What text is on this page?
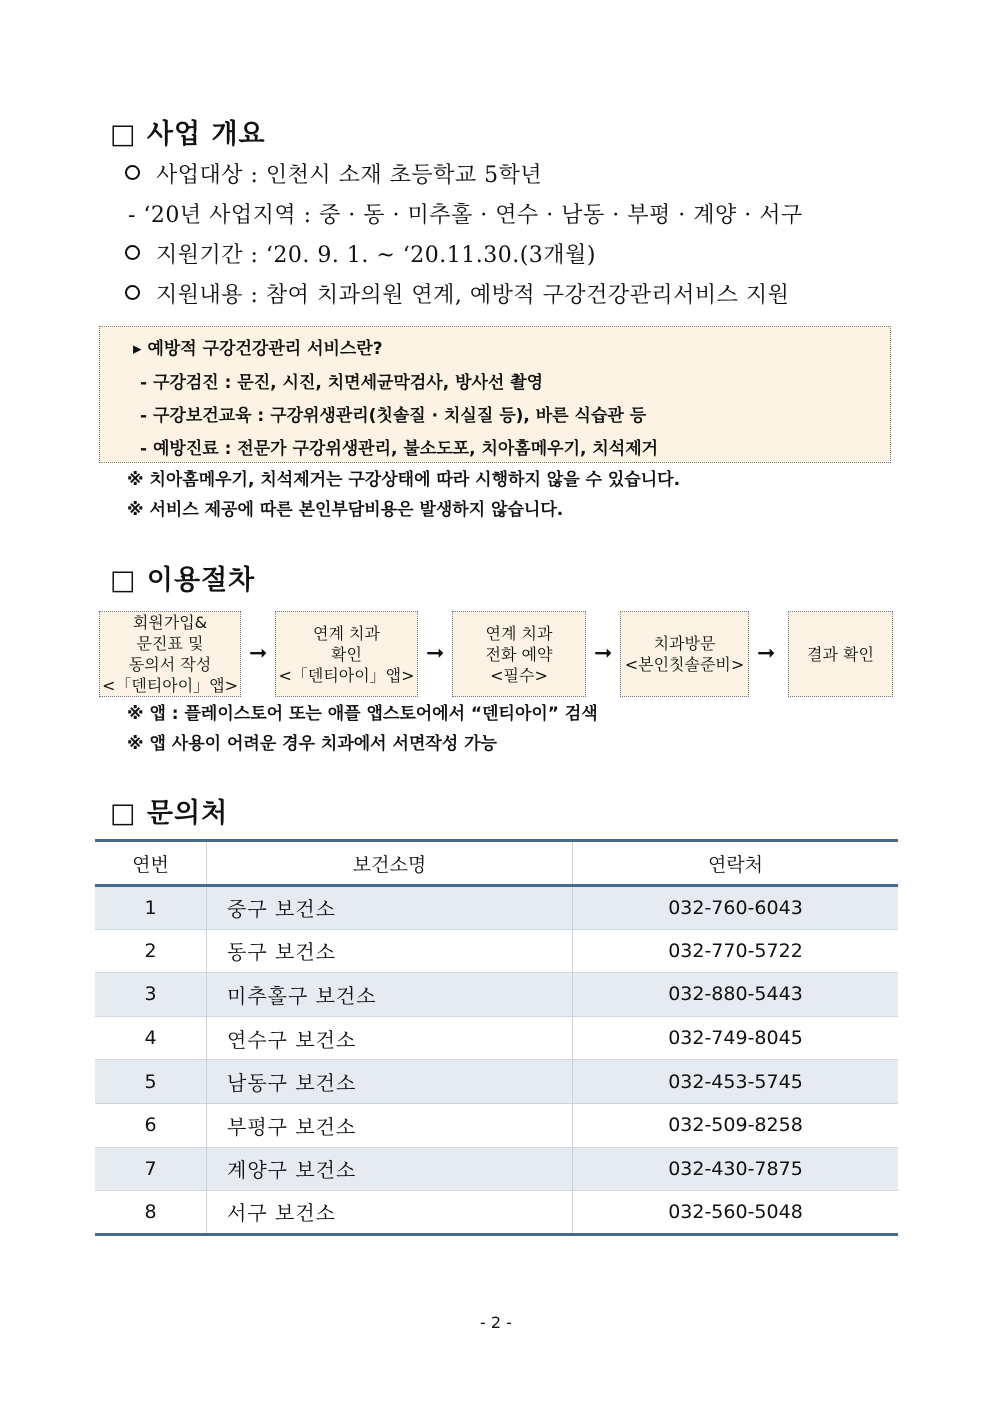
□ 사업 개요
사업대상 : 인천시 소재 초등학교 5학년
- ‘20년 사업지역 : 중 · 동 · 미추홀 · 연수 · 남동 · 부평 · 계양 · 서구
지원기간 : ‘20. 9. 1. ~ ‘20.11.30.(3개월)
지원내용 : 참여 치과의원 연계, 예방적 구강건강관리서비스 지원
▸ 예방적 구강건강관리 서비스란?
- 구강검진 : 문진, 시진, 치면세균막검사, 방사선 촬영
- 구강보건교육 : 구강위생관리(칫솔질 · 치실질 등), 바른 식습관 등
- 예방진료 : 전문가 구강위생관리, 불소도포, 치아홈메우기, 치석제거
※ 치아홈메우기, 치석제거는 구강상태에 따라 시행하지 않을 수 있습니다.
※ 서비스 제공에 따른 본인부담비용은 발생하지 않습니다.
□ 이용절차
회원가입&
문진표 및
동의서 작성
<「덴티아이」앱>
➞
연계 치과
확인
<「덴티아이」앱>
➞
연계 치과
전화 예약
<필수>
➞	치과방문
<본인칫솔준비> ➞	결과 확인
※ 앱 : 플레이스토어 또는 애플 앱스토어에서 “덴티아이” 검색
※ 앱 사용이 어려운 경우 치과에서 서면작성 가능
□ 문의처
연번	보건소명	연락처
1	중구 보건소	032-760-6043
2	동구 보건소	032-770-5722
3	미추홀구 보건소	032-880-5443
4	연수구 보건소	032-749-8045
5	남동구 보건소	032-453-5745
6	부평구 보건소	032-509-8258
7	계양구 보건소	032-430-7875
8	서구 보건소	032-560-5048
- 2 -
